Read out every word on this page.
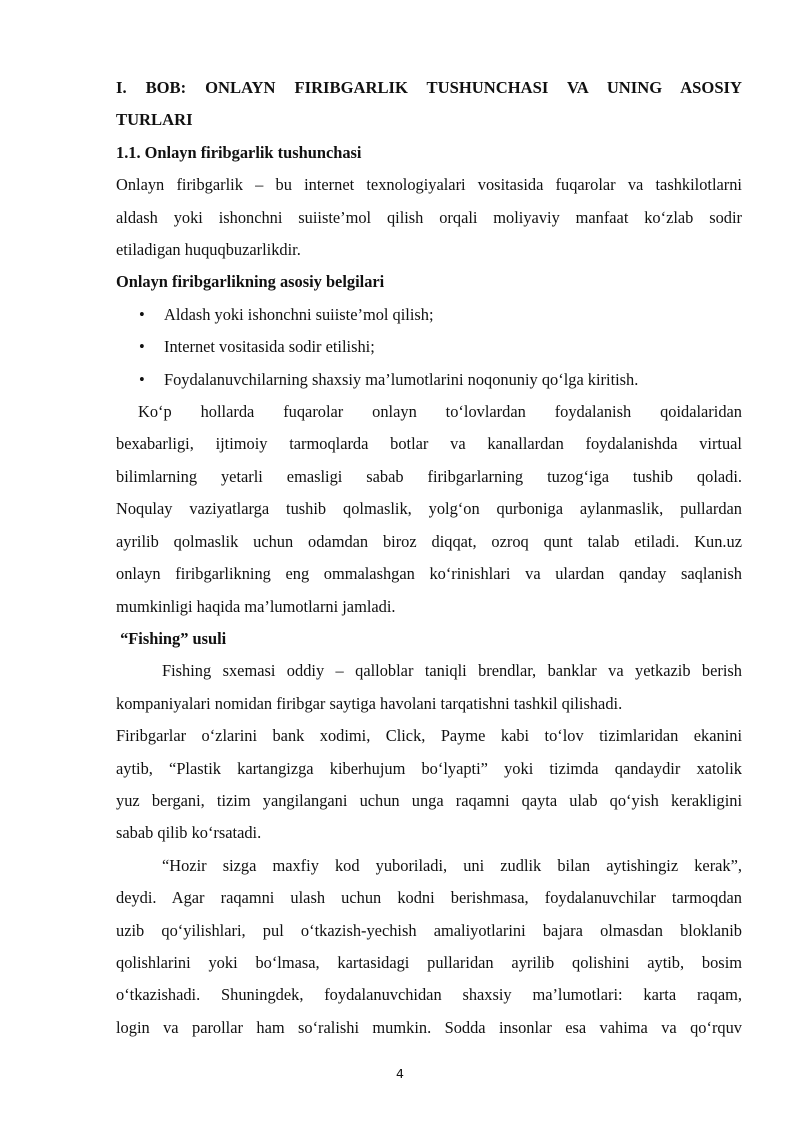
I. BOB: ONLAYN FIRIBGARLIK TUSHUNCHASI VA UNING ASOSIY
TURLARI
1.1. Onlayn firibgarlik tushunchasi
Onlayn firibgarlik – bu internet texnologiyalari vositasida fuqarolar va tashkilotlarni
aldash yoki ishonchni suiiste’mol qilish orqali moliyaviy manfaat ko‘zlab sodir
etiladigan huquqbuzarlikdir.
Onlayn firibgarlikning asosiy belgilari
• Aldash yoki ishonchni suiiste’mol qilish;
• Internet vositasida sodir etilishi;
• Foydalanuvchilarning shaxsiy ma’lumotlarini noqonuniy qo‘lga kiritish.
Ko‘p hollarda fuqarolar onlayn to‘lovlardan foydalanish qoidalaridan
bexabarligi, ijtimoiy tarmoqlarda botlar va kanallardan foydalanishda virtual
bilimlarning yetarli emasligi sabab firibgarlarning tuzog‘iga tushib qoladi.
Noqulay vaziyatlarga tushib qolmaslik, yolg‘on qurboniga aylanmaslik, pullardan
ayrilib qolmaslik uchun odamdan biroz diqqat, ozroq qunt talab etiladi. Kun.uz
onlayn firibgarlikning eng ommalashgan ko‘rinishlari va ulardan qanday saqlanish
mumkinligi haqida ma’lumotlarni jamladi.
“Fishing” usuli
Fishing sxemasi oddiy – qalloblar taniqli brendlar, banklar va yetkazib berish
kompaniyalari nomidan firibgar saytiga havolani tarqatishni tashkil qilishadi.
Firibgarlar o‘zlarini bank xodimi, Click, Payme kabi to‘lov tizimlaridan ekanini
aytib, “Plastik kartangizga kiberhujum bo‘lyapti” yoki tizimda qandaydir xatolik
yuz bergani, tizim yangilangani uchun unga raqamni qayta ulab qo‘yish kerakligini
sabab qilib ko‘rsatadi.
“Hozir sizga maxfiy kod yuboriladi, uni zudlik bilan aytishingiz kerak”,
deydi. Agar raqamni ulash uchun kodni berishmasa, foydalanuvchilar tarmoqdan
uzib qo‘yilishlari, pul o‘tkazish-yechish amaliyotlarini bajara olmasdan bloklanib
qolishlarini yoki bo‘lmasa, kartasidagi pullaridan ayrilib qolishini aytib, bosim
o‘tkazishadi. Shuningdek, foydalanuvchidan shaxsiy ma’lumotlari: karta raqam,
login va parollar ham so‘ralishi mumkin. Sodda insonlar esa vahima va qo‘rquv
4
